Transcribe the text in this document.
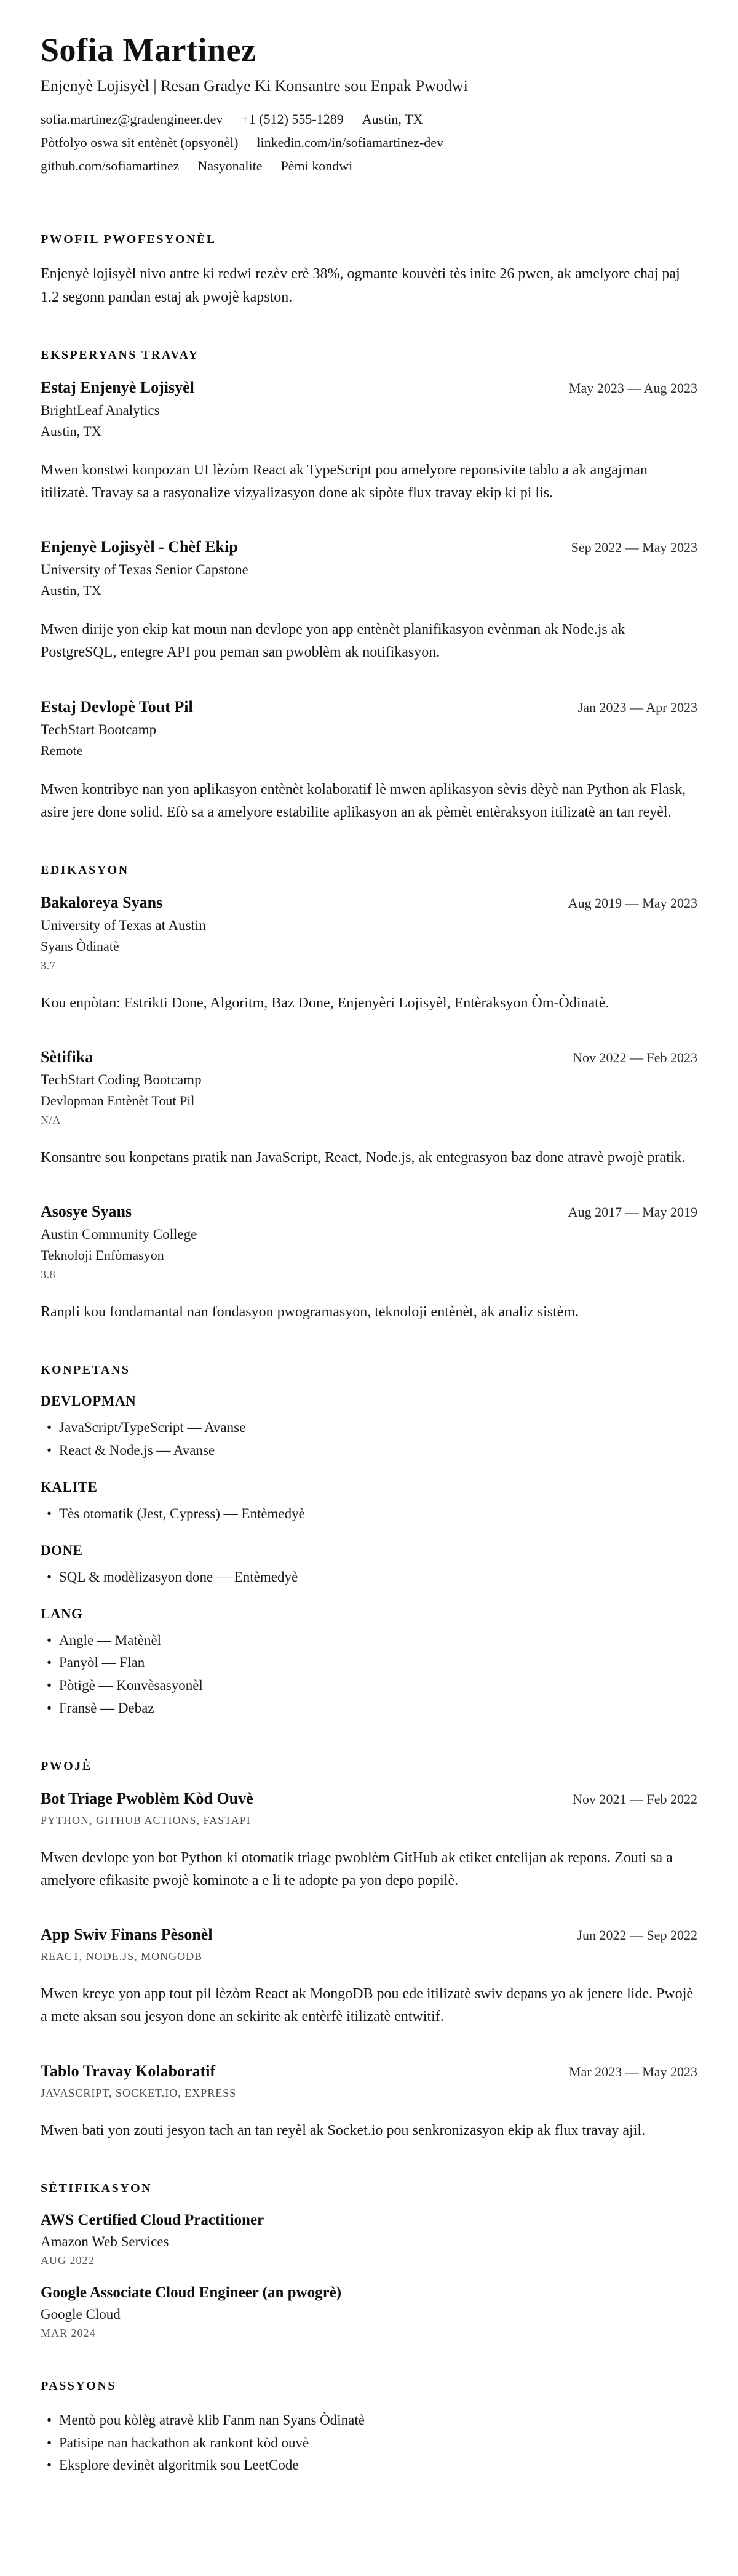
Sofia Martinez
Enjenyè Lojisyèl | Resan Gradye Ki Konsantre sou Enpak Pwodwi
sofia.martinez@gradengineer.dev +1 (512) 555-1289 Austin, TX
Pòtfolyo oswa sit entènèt (opsyonèl) linkedin.com/in/sofiamartinez-dev
github.com/sofiamartinez Nasyonalite Pèmi kondwi
PWOFIL PWOFESYONÈL

Enjenyè lojisyèl nivo antre ki redwi rezèv erè 38%, ogmante kouvèti tès inite 26 pwen, ak amelyore chaj paj 1.2 segonn pandan estaj ak pwojè kapston.

EKSPERYANS TRAVAY
Estaj Enjenyè Lojisyèl	May 2023 — Aug 2023
BrightLeaf Analytics
Austin, TX
Mwen konstwi konpozan UI lèzòm React ak TypeScript pou amelyore reponsivite tablo a ak angajman itilizatè. Travay sa a rasyonalize vizyalizasyon done ak sipòte flux travay ekip ki pi lis.
Enjenyè Lojisyèl - Chèf Ekip	Sep 2022 — May 2023
University of Texas Senior Capstone
Austin, TX
Mwen dirije yon ekip kat moun nan devlope yon app entènèt planifikasyon evènman ak Node.js ak PostgreSQL, entegre API pou peman san pwoblèm ak notifikasyon.
Estaj Devlopè Tout Pil	Jan 2023 — Apr 2023
TechStart Bootcamp
Remote
Mwen kontribye nan yon aplikasyon entènèt kolaboratif lè mwen aplikasyon sèvis dèyè nan Python ak Flask, asire jere done solid. Efò sa a amelyore estabilite aplikasyon an ak pèmèt entèraksyon itilizatè an tan reyèl.
EDIKASYON
Bakaloreya Syans	Aug 2019 — May 2023
University of Texas at Austin
Syans Òdinatè
3.7
Kou enpòtan: Estrikti Done, Algoritm, Baz Done, Enjenyèri Lojisyèl, Entèraksyon Òm-Òdinatè.
Sètifika	Nov 2022 — Feb 2023
TechStart Coding Bootcamp
Devlopman Entènèt Tout Pil
N/A
Konsantre sou konpetans pratik nan JavaScript, React, Node.js, ak entegrasyon baz done atravè pwojè pratik.
Asosye Syans	Aug 2017 — May 2019
Austin Community College
Teknoloji Enfòmasyon
3.8
Ranpli kou fondamantal nan fondasyon pwogramasyon, teknoloji entènèt, ak analiz sistèm.
KONPETANS
DEVLOPMAN
• JavaScript/TypeScript — Avanse
• React & Node.js — Avanse
KALITE
• Tès otomatik (Jest, Cypress) — Entèmedyè
DONE
• SQL & modèlizasyon done — Entèmedyè
LANG
• Angle — Matènèl
• Panyòl — Flan
• Pòtigè — Konvèsasyonèl
• Fransè — Debaz
PWOJÈ
Bot Triage Pwoblèm Kòd Ouvè	Nov 2021 — Feb 2022
PYTHON, GITHUB ACTIONS, FASTAPI
Mwen devlope yon bot Python ki otomatik triage pwoblèm GitHub ak etiket entelijan ak repons. Zouti sa a amelyore efikasite pwojè kominote a e li te adopte pa yon depo popilè.
App Swiv Finans Pèsonèl	Jun 2022 — Sep 2022
REACT, NODE.JS, MONGODB
Mwen kreye yon app tout pil lèzòm React ak MongoDB pou ede itilizatè swiv depans yo ak jenere lide. Pwojè a mete aksan sou jesyon done an sekirite ak entèrfè itilizatè entwitif.
Tablo Travay Kolaboratif	Mar 2023 — May 2023
JAVASCRIPT, SOCKET.IO, EXPRESS
Mwen bati yon zouti jesyon tach an tan reyèl ak Socket.io pou senkronizasyon ekip ak flux travay ajil.
SÈTIFIKASYON
AWS Certified Cloud Practitioner
Amazon Web Services
AUG 2022
Google Associate Cloud Engineer (an pwogrè)
Google Cloud
MAR 2024
PASSYONS
• Mentò pou kòlèg atravè klib Fanm nan Syans Òdinatè
• Patisipe nan hackathon ak rankont kòd ouvè
• Eksplore devinèt algoritmik sou LeetCode
